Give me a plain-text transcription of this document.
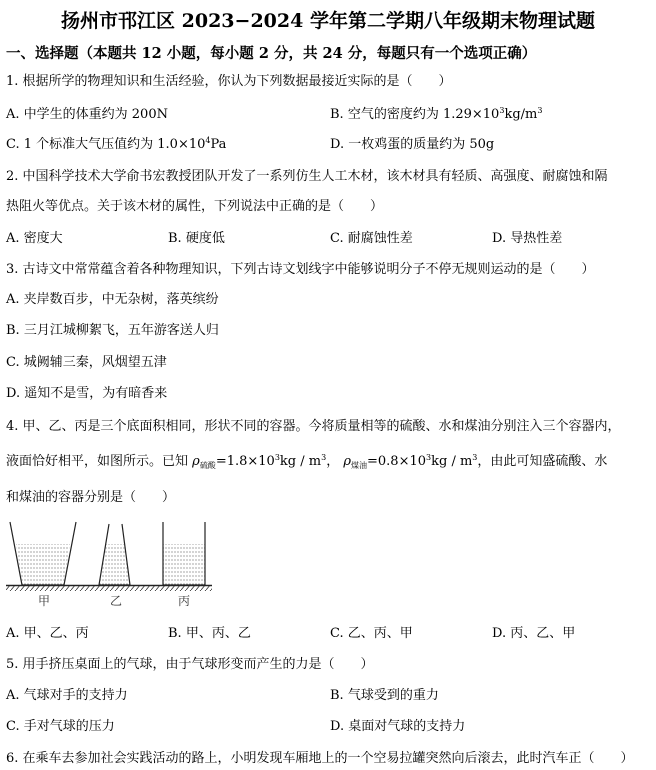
扬州市邗江区 2023−2024 学年第二学期八年级期末物理试题
一、选择题（本题共 12 小题，每小题 2 分，共 24 分，每题只有一个选项正确）
1. 根据所学的物理知识和生活经验，你认为下列数据最接近实际的是（　　）
A. 中学生的体重约为 200N	B. 空气的密度约为 $1.29\times 10^3kg/m^3$
C. 1 个标准大气压值约为 $1.0\times 10^4Pa$	D. 一枚鸡蛋的质量约为 50g
2. 中国科学技术大学俞书宏教授团队开发了一系列仿生人工木材，该木材具有轻质、高强度、耐腐蚀和隔
热阻火等优点。关于该木材的属性，下列说法中正确的是（　　）
A. 密度大	B. 硬度低	C. 耐腐蚀性差	D. 导热性差
3. 古诗文中常常蕴含着各种物理知识，下列古诗文划线字中能够说明分子不停无规则运动的是（　　）
A. 夹岸数百步，中无杂树，落英缤纷
B. 三月江城柳絮飞，五年游客送人归
C. 城阙辅三秦，风烟望五津
D. 遥知不是雪，为有暗香来
4. 甲、乙、丙是三个底面积相同，形状不同的容器。今将质量相等的硫酸、水和煤油分别注入三个容器内，
液面恰好相平，如图所示。已知 $\rho_{硫酸}=1.8\times 10^3kg / m^3$， $\rho_{煤油}=0.8\times 10^3kg / m^3$，由此可知盛硫酸、水
和煤油的容器分别是（　　）
甲	乙	丙
A. 甲、乙、丙	B. 甲、丙、乙	C. 乙、丙、甲	D. 丙、乙、甲
5. 用手挤压桌面上的气球，由于气球形变而产生的力是（　　）
A. 气球对手的支持力	B. 气球受到的重力
C. 手对气球的压力	D. 桌面对气球的支持力
6. 在乘车去参加社会实践活动的路上，小明发现车厢地上的一个空易拉罐突然向后滚去，此时汽车正（　　）
